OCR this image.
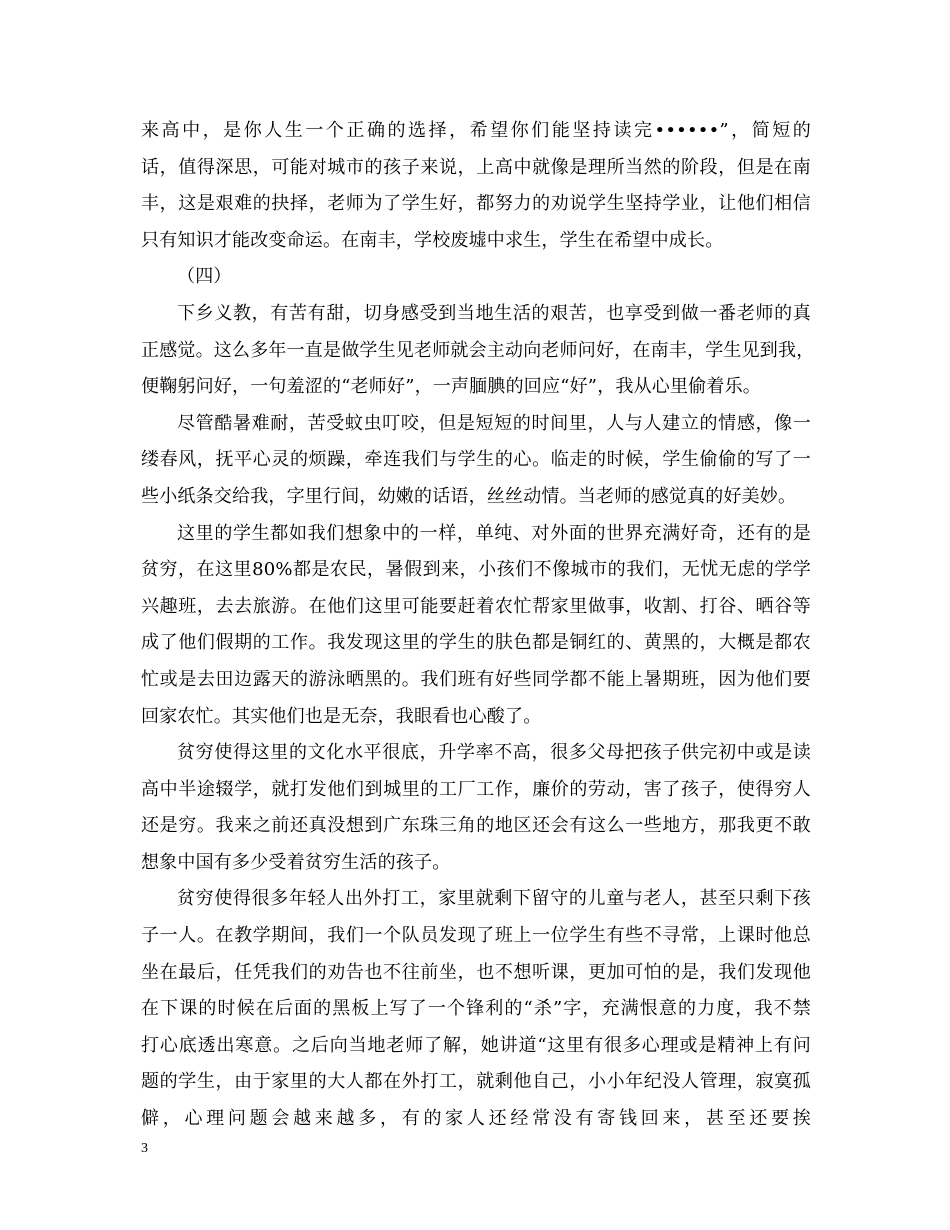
来高中，是你人生一个正确的选择，希望你们能坚持读完••••••”，简短的
话，值得深思，可能对城市的孩子来说，上高中就像是理所当然的阶段，但是在南
丰，这是艰难的抉择，老师为了学生好，都努力的劝说学生坚持学业，让他们相信
只有知识才能改变命运。在南丰，学校废墟中求生，学生在希望中成长。
（四）
下乡义教，有苦有甜，切身感受到当地生活的艰苦，也享受到做一番老师的真
正感觉。这么多年一直是做学生见老师就会主动向老师问好，在南丰，学生见到我，
便鞠躬问好，一句羞涩的“老师好”，一声腼腆的回应“好”，我从心里偷着乐。
尽管酷暑难耐，苦受蚊虫叮咬，但是短短的时间里，人与人建立的情感，像一
缕春风，抚平心灵的烦躁，牵连我们与学生的心。临走的时候，学生偷偷的写了一
些小纸条交给我，字里行间，幼嫩的话语，丝丝动情。当老师的感觉真的好美妙。
这里的学生都如我们想象中的一样，单纯、对外面的世界充满好奇，还有的是
贫穷，在这里80%都是农民，暑假到来，小孩们不像城市的我们，无忧无虑的学学
兴趣班，去去旅游。在他们这里可能要赶着农忙帮家里做事，收割、打谷、晒谷等
成了他们假期的工作。我发现这里的学生的肤色都是铜红的、黄黑的，大概是都农
忙或是去田边露天的游泳晒黑的。我们班有好些同学都不能上暑期班，因为他们要
回家农忙。其实他们也是无奈，我眼看也心酸了。
贫穷使得这里的文化水平很底，升学率不高，很多父母把孩子供完初中或是读
高中半途辍学，就打发他们到城里的工厂工作，廉价的劳动，害了孩子，使得穷人
还是穷。我来之前还真没想到广东珠三角的地区还会有这么一些地方，那我更不敢
想象中国有多少受着贫穷生活的孩子。
贫穷使得很多年轻人出外打工，家里就剩下留守的儿童与老人，甚至只剩下孩
子一人。在教学期间，我们一个队员发现了班上一位学生有些不寻常，上课时他总
坐在最后，任凭我们的劝告也不往前坐，也不想听课，更加可怕的是，我们发现他
在下课的时候在后面的黑板上写了一个锋利的“杀”字，充满恨意的力度，我不禁
打心底透出寒意。之后向当地老师了解，她讲道“这里有很多心理或是精神上有问
题的学生，由于家里的大人都在外打工，就剩他自己，小小年纪没人管理，寂寞孤
僻，心理问题会越来越多，有的家人还经常没有寄钱回来，甚至还要挨
3
